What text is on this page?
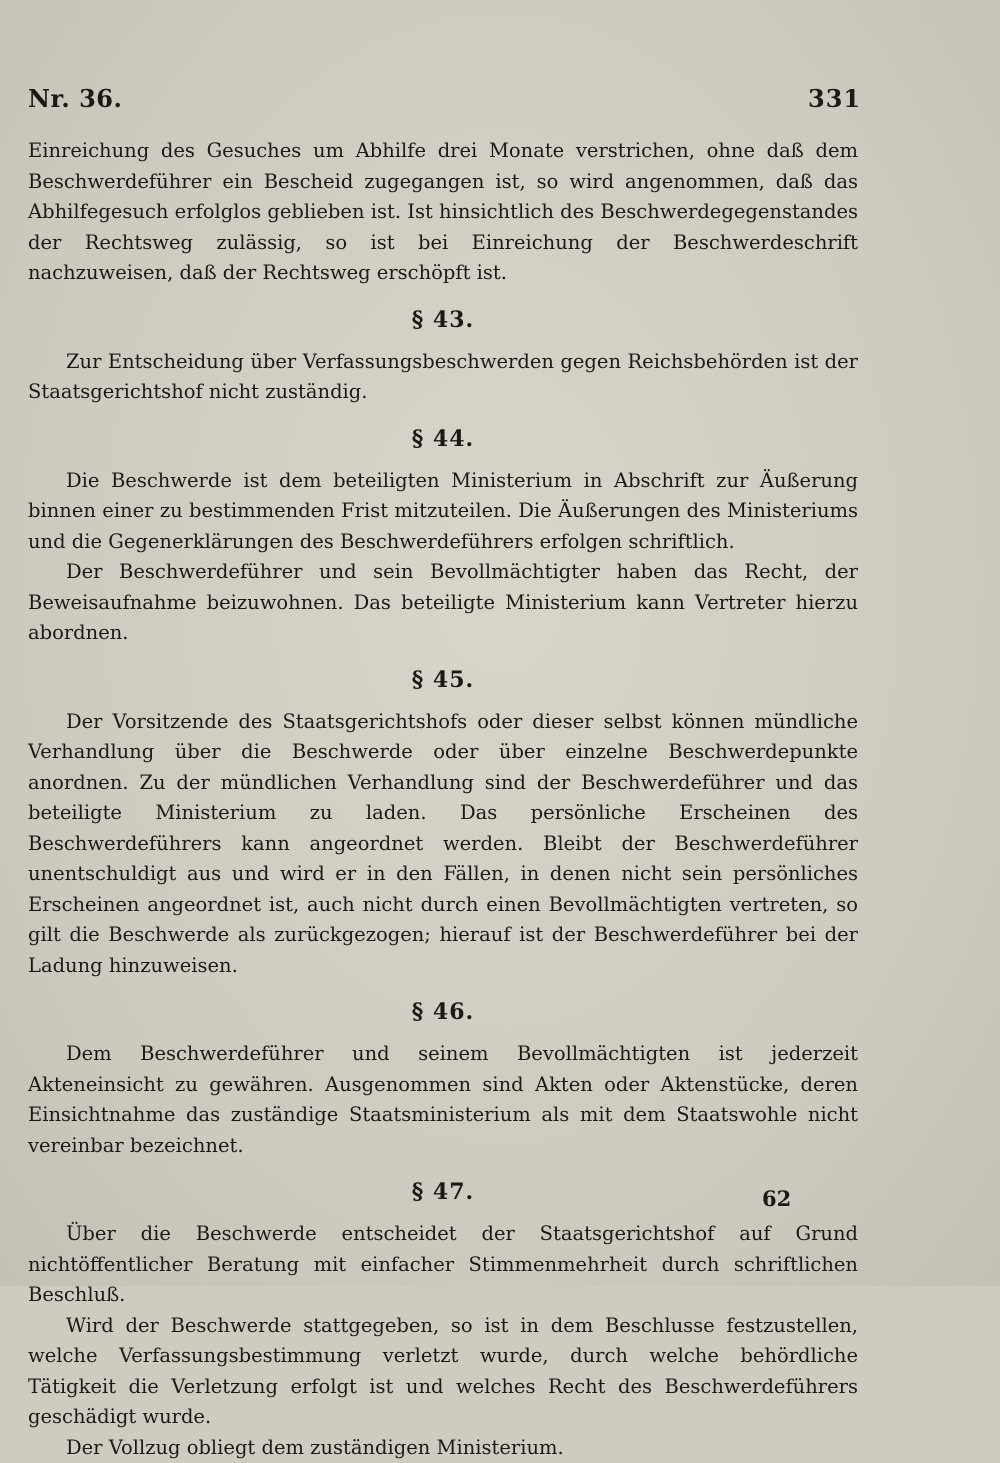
Nr. 36.	331

Einreichung des Gesuches um Abhilfe drei Monate verstrichen, ohne daß dem Beschwerdeführer ein Bescheid zugegangen ist, so wird angenommen, daß das Abhilfegesuch erfolglos geblieben ist. Ist hinsichtlich des Beschwerdegegenstandes der Rechtsweg zulässig, so ist bei Einreichung der Beschwerdeschrift nachzuweisen, daß der Rechtsweg erschöpft ist.

§ 43.

Zur Entscheidung über Verfassungsbeschwerden gegen Reichsbehörden ist der Staatsgerichtshof nicht zuständig.

§ 44.

Die Beschwerde ist dem beteiligten Ministerium in Abschrift zur Äußerung binnen einer zu bestimmenden Frist mitzuteilen. Die Äußerungen des Ministeriums und die Gegenerklärungen des Beschwerdeführers erfolgen schriftlich.

Der Beschwerdeführer und sein Bevollmächtigter haben das Recht, der Beweisaufnahme beizuwohnen. Das beteiligte Ministerium kann Vertreter hierzu abordnen.

§ 45.

Der Vorsitzende des Staatsgerichtshofs oder dieser selbst können mündliche Verhandlung über die Beschwerde oder über einzelne Beschwerdepunkte anordnen. Zu der mündlichen Verhandlung sind der Beschwerdeführer und das beteiligte Ministerium zu laden. Das persönliche Erscheinen des Beschwerdeführers kann angeordnet werden. Bleibt der Beschwerdeführer unentschuldigt aus und wird er in den Fällen, in denen nicht sein persönliches Erscheinen angeordnet ist, auch nicht durch einen Bevollmächtigten vertreten, so gilt die Beschwerde als zurückgezogen; hierauf ist der Beschwerdeführer bei der Ladung hinzuweisen.

§ 46.

Dem Beschwerdeführer und seinem Bevollmächtigten ist jederzeit Akteneinsicht zu gewähren. Ausgenommen sind Akten oder Aktenstücke, deren Einsichtnahme das zuständige Staatsministerium als mit dem Staatswohle nicht vereinbar bezeichnet.

§ 47.

Über die Beschwerde entscheidet der Staatsgerichtshof auf Grund nichtöffentlicher Beratung mit einfacher Stimmenmehrheit durch schriftlichen Beschluß.

Wird der Beschwerde stattgegeben, so ist in dem Beschlusse festzustellen, welche Verfassungsbestimmung verletzt wurde, durch welche behördliche Tätigkeit die Verletzung erfolgt ist und welches Recht des Beschwerdeführers geschädigt wurde.

Der Vollzug obliegt dem zuständigen Ministerium.

62
